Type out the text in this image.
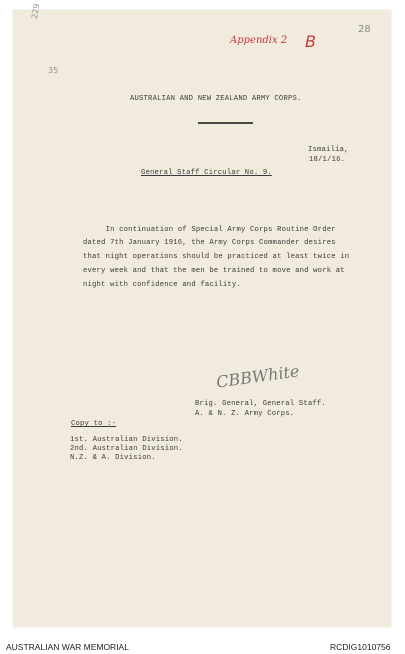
229
35
Appendix 2 B
28
AUSTRALIAN AND NEW ZEALAND ARMY CORPS.
Ismailia,
18/1/16.
General Staff Circular No. 9.
In continuation of Special Army Corps Routine Order
dated 7th January 1916, the Army Corps Commander desires
that night operations should be practiced at least twice in
every week and that the men be trained to move and work at
night with confidence and facility.
CBBWhite
Brig. General, General Staff.
A. & N. Z. Army Corps.
Copy to :-
1st. Australian Division.
2nd. Australian Division.
N.Z. & A. Division.
AUSTRALIAN WAR MEMORIAL	RCDIG1010756
